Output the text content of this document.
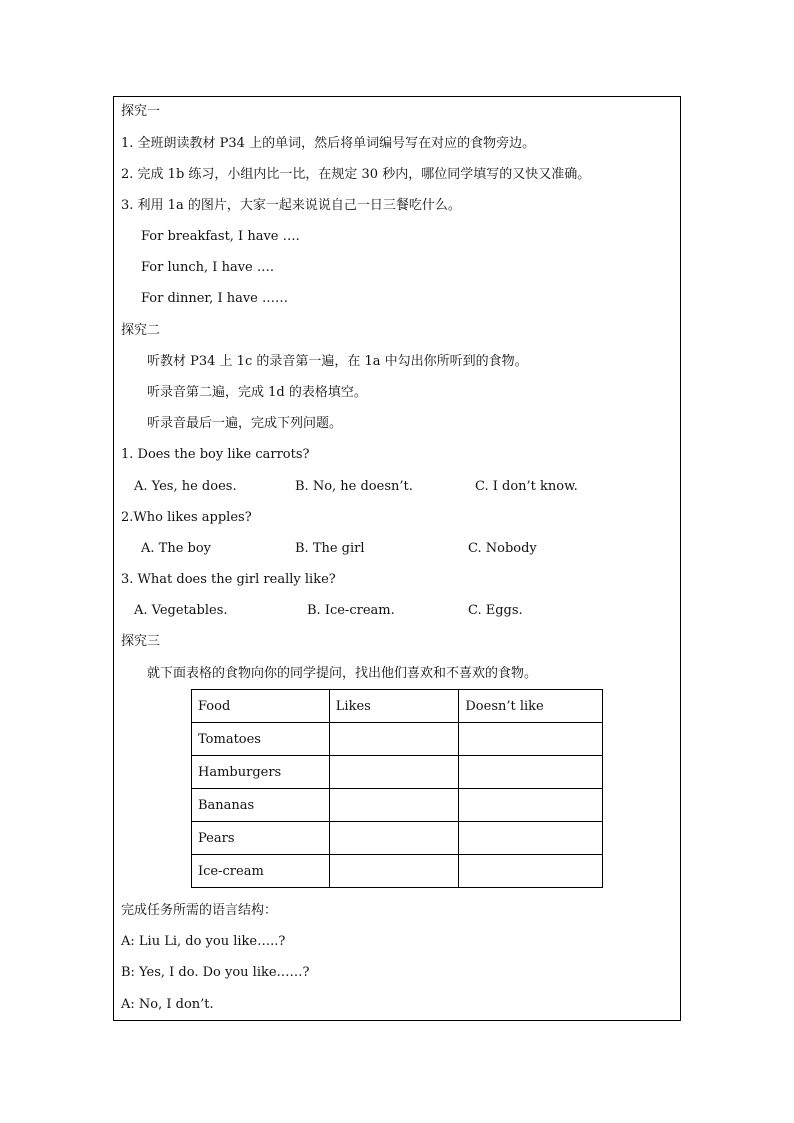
探究一
1. 全班朗读教材 P34 上的单词，然后将单词编号写在对应的食物旁边。
2. 完成 1b 练习，小组内比一比，在规定 30 秒内，哪位同学填写的又快又准确。
3. 利用 1a 的图片，大家一起来说说自己一日三餐吃什么。
For breakfast, I have ….
For lunch, I have ….
For dinner, I have ……
探究二
听教材 P34 上 1c 的录音第一遍，在 1a 中勾出你所听到的食物。
听录音第二遍，完成 1d 的表格填空。
听录音最后一遍，完成下列问题。
1. Does the boy like carrots?
A. Yes, he does.	B. No, he doesn’t.	C. I don’t know.
2.Who likes apples?
A. The boy	B. The girl	C. Nobody
3. What does the girl really like?
A. Vegetables.	B. Ice-cream.	C. Eggs.
探究三
就下面表格的食物向你的同学提问，找出他们喜欢和不喜欢的食物。
Food	Likes	Doesn’t like
Tomatoes		
Hamburgers		
Bananas		
Pears		
Ice-cream		
完成任务所需的语言结构：
A: Liu Li, do you like…..?
B: Yes, I do. Do you like……?
A: No, I don’t.
